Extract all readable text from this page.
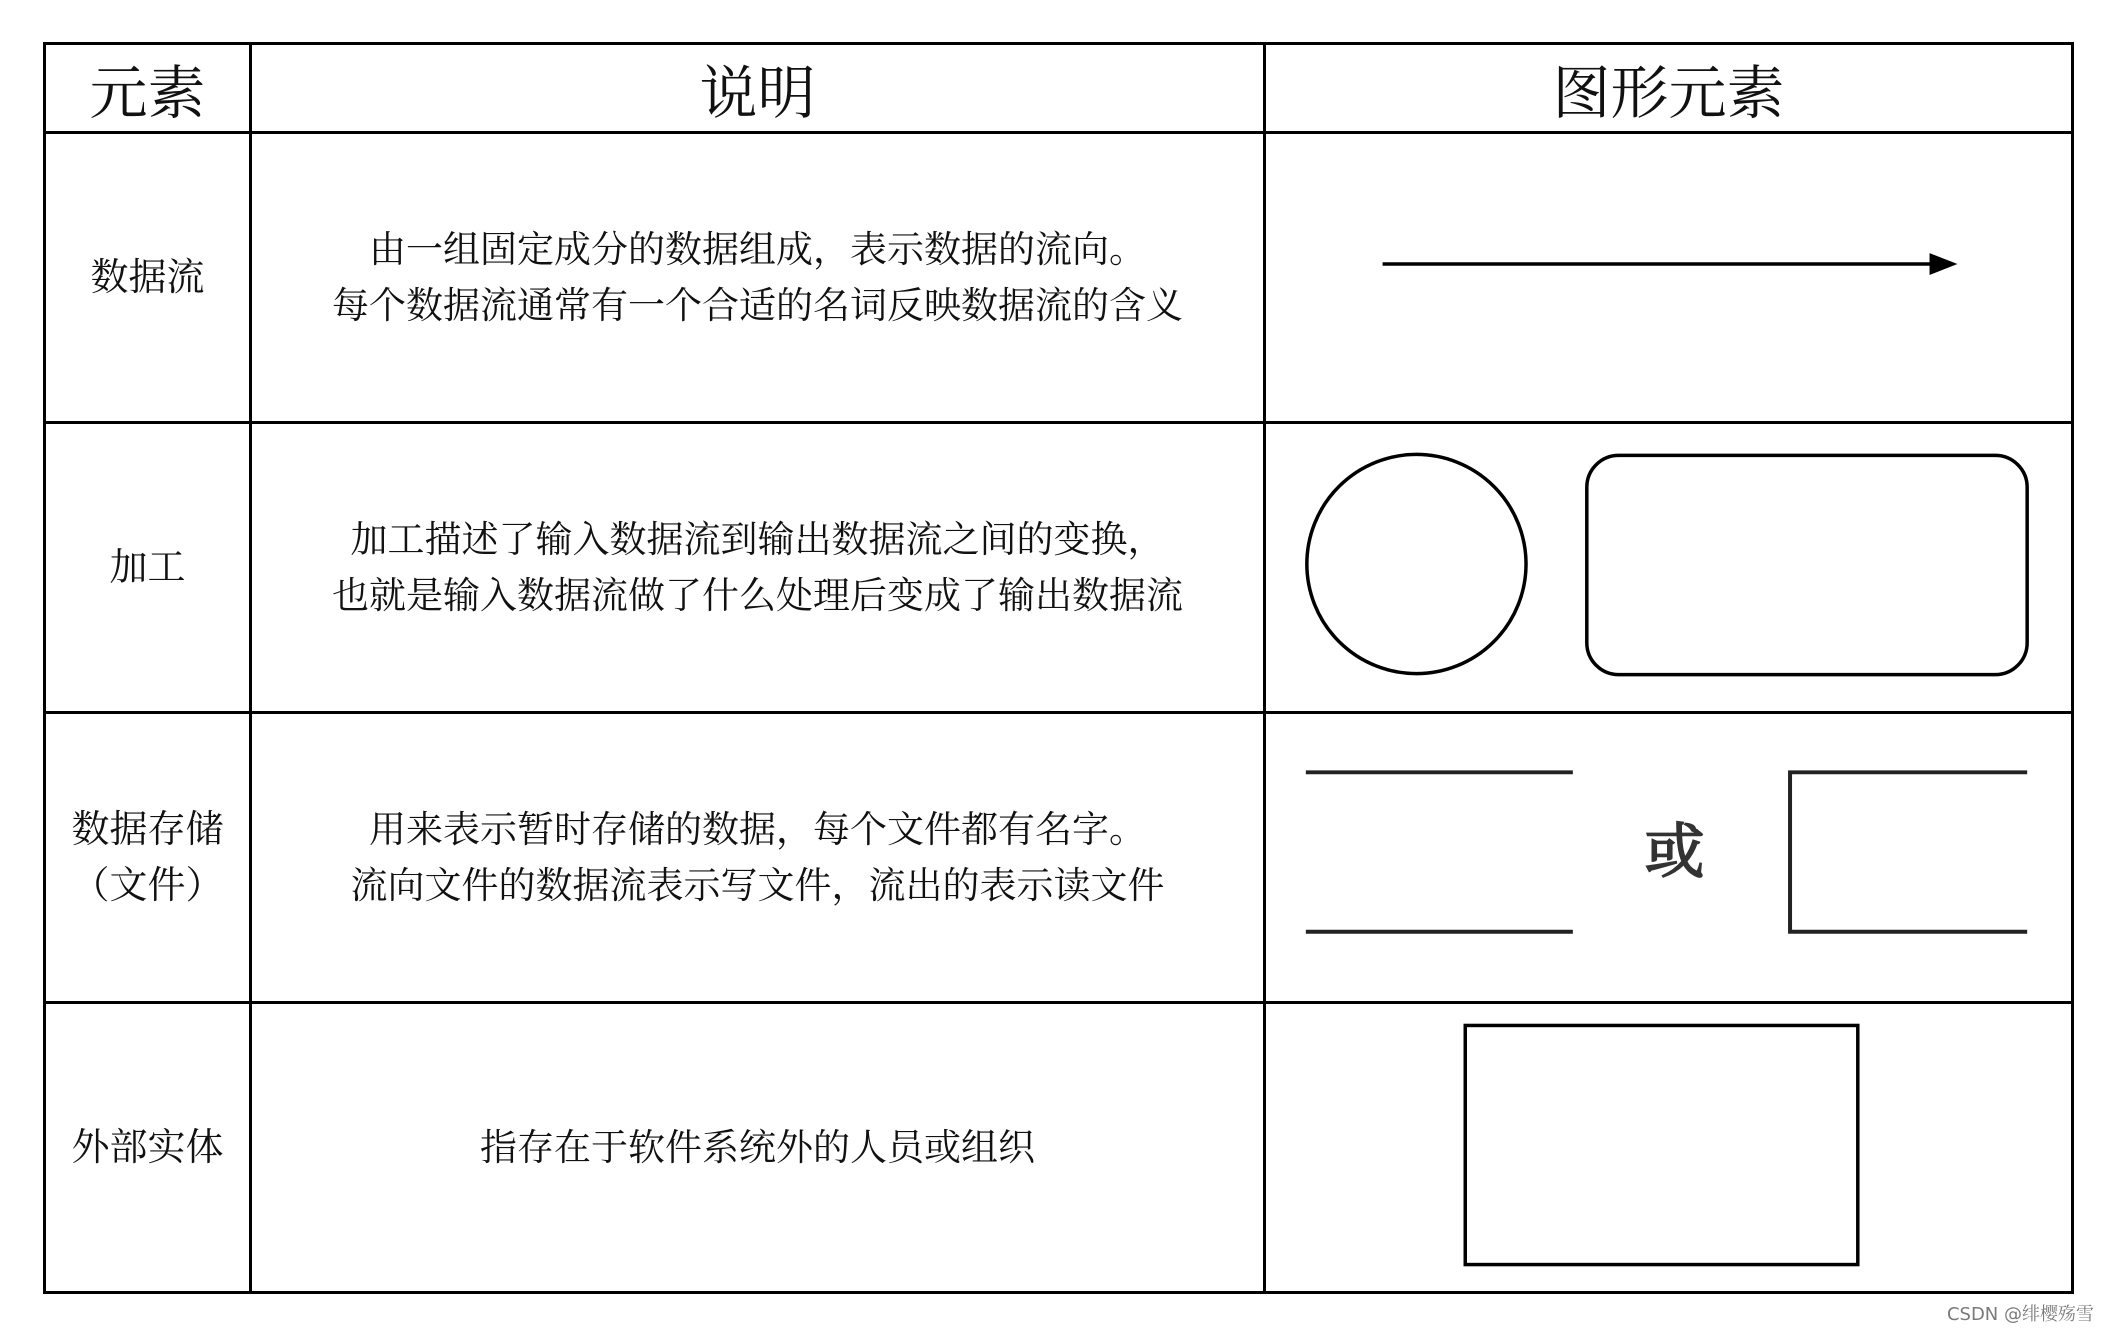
元素	说明	图形元素

数据流	由一组固定成分的数据组成，表示数据的流向。
每个数据流通常有一个合适的名词反映数据流的含义

加工	加工描述了输入数据流到输出数据流之间的变换，
也就是输入数据流做了什么处理后变成了输出数据流

数据存储
（文件）	用来表示暂时存储的数据，每个文件都有名字。
流向文件的数据流表示写文件，流出的表示读文件	或

外部实体	指存在于软件系统外的人员或组织

CSDN @绯樱殇雪
